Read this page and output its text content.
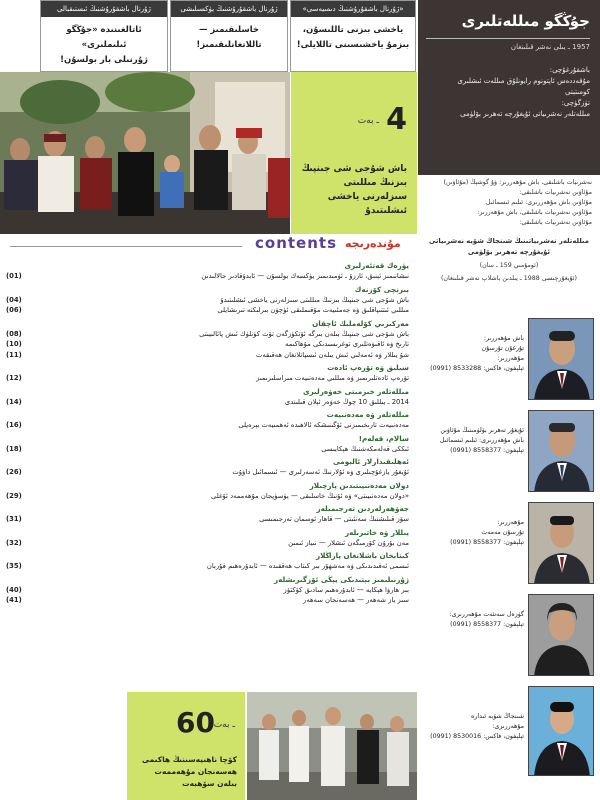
«ژۇرنال باشقۇرۇشنىڭ دىمىيەسى» ژۇرنىلى
ياخشى بىزنى تاللىسۇن،
بىزمۇ ياخشىسىنى تاللايلى!
ژۇرنال باشقۇرۇشنىڭ يۈكسىلىشى
خاسلىقىمىز —
تاللانغانلىقىمىز!
ژۇرنال باشقۇرۇشنىڭ ئىستىقبالى
ئاتالغىنىدە «جۇڭگو ئىلىملىرى»
ژۇرنىلى بار بولسۇن!
جۇڭگو مىللەتلىرى
1957 ـ يىلى نەشر قىلىنغان
باشقۇرغۇچى:
مۇقەددەس ئاپتونوم رايونلۇق مىللەت ئىشلىرى
كومىتېتى
تۈزگۈچى:
مىللەتلەر نەشرىياتى ئۇيغۇرچە تەھرىر بۆلۈمى
نەشرىيات باشلىقى، باش مۇھەررىر: ۋۇ گوشېڭ (مۇئاۋىن)
مۇئاۋىن نەشرىيات باشلىقى:
مۇئاۋىن باش مۇھەررىرى: ئىلىم ئىسمائىل
مۇئاۋىن نەشرىيات باشلىقى، باش مۇھەررىر:
مۇئاۋىن نەشرىيات باشلىقى:
مىللەتلەر نەشرىياتىنىڭ شىنجاڭ شۆبە نەشرىياتى ئۇيغۇرچە تەھرىر بۆلۈمى
(ئومۇمىي 159 ـ سان)
(ئۇيغۇرچىسى 1988 ـ يىلدىن باشلاپ نەشر قىلىنغان)
باش مۇھەررىر:
تۇرغۇن تۇرسۇن
مۇھەررىر:
تېلېفون، فاكس: 8533288 (0991)
ئۇيغۇر تەھرىر بۆلۈمىنىڭ مۇئاۋىن
باش مۇھەررىرى: ئىلىم ئىسمائىل
تېلېفون: 8558377 (0991)
مۇھەررىر:
تۇرسۇن مەمەت
تېلېفون: 8558377 (0991)
گۈزەل سەنئەت مۇھەررىرى:
تېلېفون: 8558377 (0991)
شىنجاڭ شۆبە ئىدارە
مۇھەررىرى:
تېلېفون، فاكس: 8530016 (0991)
4
ـ بەت
باش شۇجى شى جىنپىڭ بىزنىڭ مىللىتى سىزلەرنى ياخشى ئىشلىتىدۇ
contents مۇندەرىجە
يۈرەك قەتئەرلىرى
نىشانىمىز ئېنىق، ئارزۇ ـ ئۈمىدىمىز يۈكسەك بولسۇن — ئابدۇقادىر جالالىدىن
(01)
بىرنچى كۆزنەك
باش شۇجى شى جىنپىڭ بىزنىڭ مىللىتى سىزلەرنى ياخشى ئىشلىتىدۇ
(04)
مىللىي ئىتتىپاقلىق ۋە جەمئىيەت مۇقىملىقى ئۈچۈن بىرلىكتە تىرىشايلى
(06)
مەركىزىي كۆلەملىك ئاچقان
باش شۇجى شى جىنپىڭ بىلەن بىرگە ئۆتكۈزگەن تۆت كۈنلۈك ئىش پائالىيىتى
(08)
تارىخ ۋە ئاقىۋەتلىرى توغرىسىدىكى مۇھاكىمە
(10)
شۇ يىللار ۋە ئەمەلىي ئىش بىلەن ئىسپاتلانغان ھەقىقەت
(11)
سىلىق ۋە تۆرەپ ئادەت
تۆرەپ ئادەتلىرىمىز ۋە مىللىي مەدەنىيەت مىراسلىرىمىز
(12)
مىللەتلەر خىزمىتى خەۋەرلىرى
2014 ـ يىللىق 10 چوڭ خەۋەر ئېلان قىلىندى
(14)
مىللەتلەر ۋە مەدەنىيەت
مەدەنىيەت تارىخىمىزنى ئۆگىنىشكە ئالاھىدە ئەھمىيەت بېرەيلى
(16)
سالام، قەلەم!
ئىككى قەلەمكەشنىڭ ھېكايىسى
(18)
ئەھلىقىدارلار ئالبومى
ئۇيغۇر يازغۇچىلىرى ۋە ئۇلارنىڭ ئەسەرلىرى — ئىسمائىل داۋۇت
(26)
دولان مەدەنىيىتىدىن پارچىلار
«دولان مەدەنىيىتى» ۋە ئۇنىڭ خاسلىقى — يۈسۈپجان مۇھەممەد ئۇغلى
(29)
جەۋھەرلەردىن تەرجىمىلەر
سۆز قىلىشنىڭ سەنئىتى — قاھار ئوسمان تەرجىمىسى
(31)
يىللار ۋە خاتىرىلەر
مەن بۇرۇن كۆرمىگەن ئىشلار — نىياز ئىمىن
(32)
كىتابخان باشلانغان پاراڭلار
ئىسمى ئەقىدىدىكى ۋە مەشھۇر بىر كىتاب ھەققىدە — ئابدۇرەھىم قۇربان
(35)
ژۇرنىلىمىز بېتىدىكى يېڭى ئۆزگىرىشلەر
بىر ھارۋا ھېكايە — ئابدۇرەھىم سادىق كۆكتۆز
(40)
سىز ياز شەھەر — ھەسەنجان سەھەر
(41)
60
ـ بەت
كۆچا ناھىيەسىنىڭ ھاكىمى ھەسەنجان مۇھەممەت بىلەن سۆھبەت
